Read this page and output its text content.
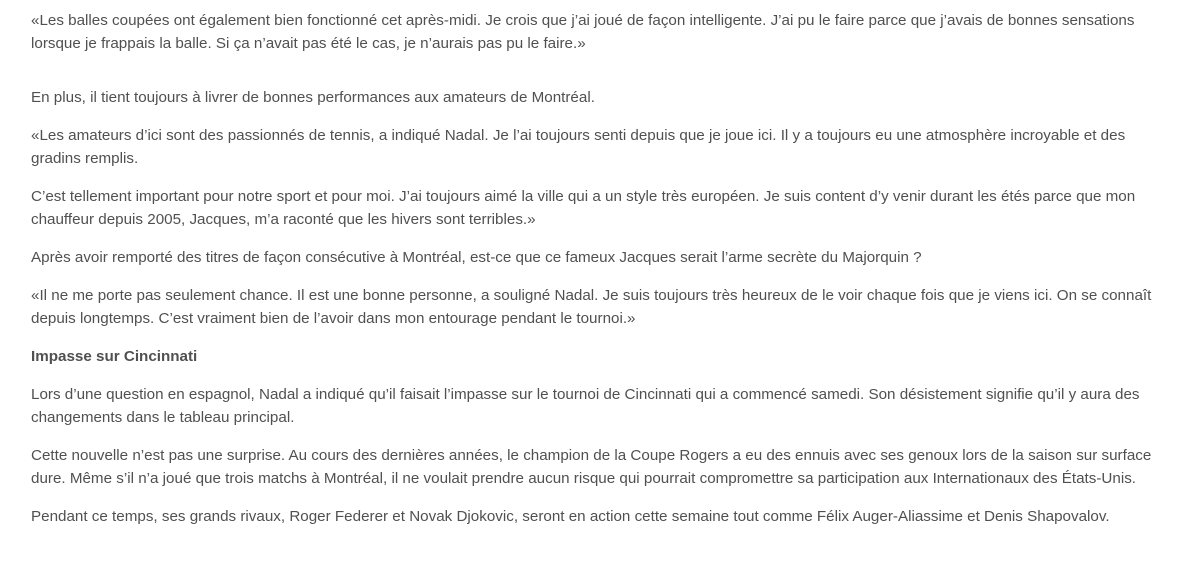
«Les balles coupées ont également bien fonctionné cet après-midi. Je crois que j’ai joué de façon intelligente. J’ai pu le faire parce que j’avais de bonnes sensations lorsque je frappais la balle. Si ça n’avait pas été le cas, je n’aurais pas pu le faire.»

En plus, il tient toujours à livrer de bonnes performances aux amateurs de Montréal.

«Les amateurs d’ici sont des passionnés de tennis, a indiqué Nadal. Je l’ai toujours senti depuis que je joue ici. Il y a toujours eu une atmosphère incroyable et des gradins remplis.

C’est tellement important pour notre sport et pour moi. J’ai toujours aimé la ville qui a un style très européen. Je suis content d’y venir durant les étés parce que mon chauffeur depuis 2005, Jacques, m’a raconté que les hivers sont terribles.»

Après avoir remporté des titres de façon consécutive à Montréal, est-ce que ce fameux Jacques serait l’arme secrète du Majorquin ?

«Il ne me porte pas seulement chance. Il est une bonne personne, a souligné Nadal. Je suis toujours très heureux de le voir chaque fois que je viens ici. On se connaît depuis longtemps. C’est vraiment bien de l’avoir dans mon entourage pendant le tournoi.»

Impasse sur Cincinnati

Lors d’une question en espagnol, Nadal a indiqué qu’il faisait l’impasse sur le tournoi de Cincinnati qui a commencé samedi. Son désistement signifie qu’il y aura des changements dans le tableau principal.

Cette nouvelle n’est pas une surprise. Au cours des dernières années, le champion de la Coupe Rogers a eu des ennuis avec ses genoux lors de la saison sur surface dure. Même s’il n’a joué que trois matchs à Montréal, il ne voulait prendre aucun risque qui pourrait compromettre sa participation aux Internationaux des États-Unis.

Pendant ce temps, ses grands rivaux, Roger Federer et Novak Djokovic, seront en action cette semaine tout comme Félix Auger-Aliassime et Denis Shapovalov.
